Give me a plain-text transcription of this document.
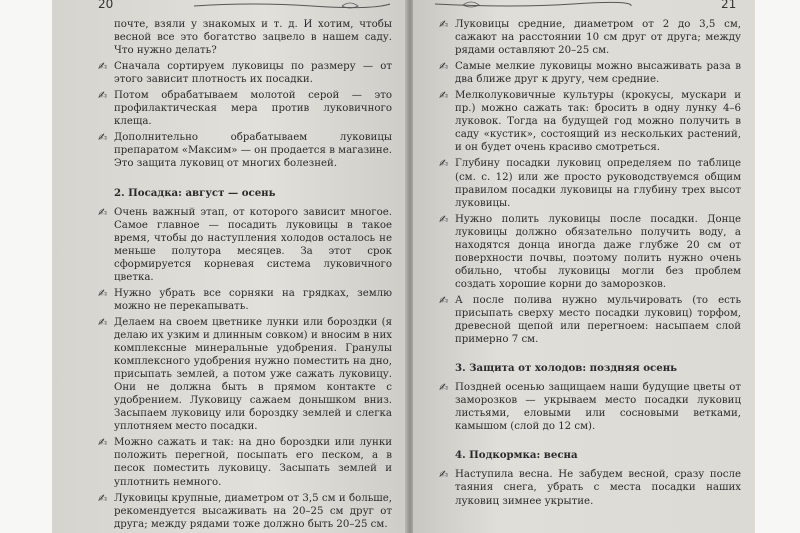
20
почте, взяли у знакомых и т. д. И хотим, чтобы весной все это богатство зацвело в нашем саду. Что нужно делать?
✍ Сначала сортируем луковицы по размеру — от этого зависит плотность их посадки.
✍ Потом обрабатываем молотой серой — это профилактическая мера против луковичного клеща.
✍ Дополнительно обрабатываем луковицы препаратом «Максим» — он продается в магазине. Это защита луковиц от многих болезней.
2. Посадка: август — осень
✍ Очень важный этап, от которого зависит многое. Самое главное — посадить луковицы в такое время, чтобы до наступления холодов осталось не меньше полутора месяцев. За этот срок сформируется корневая система луковичного цветка.
✍ Нужно убрать все сорняки на грядках, землю можно не перекапывать.
✍ Делаем на своем цветнике лунки или бороздки (я делаю их узким и длинным совком) и вносим в них комплексные минеральные удобрения. Гранулы комплексного удобрения нужно поместить на дно, присыпать землей, а потом уже сажать луковицу. Они не должна быть в прямом контакте с удобрением. Луковицу сажаем донышком вниз. Засыпаем луковицу или бороздку землей и слегка уплотняем место посадки.
✍ Можно сажать и так: на дно бороздки или лунки положить перегной, посыпать его песком, а в песок поместить луковицу. Засыпать землей и уплотнить немного.
✍ Луковицы крупные, диаметром от 3,5 см и больше, рекомендуется высаживать на 20–25 см друг от друга; между рядами тоже должно быть 20–25 см.
21
✍ Луковицы средние, диаметром от 2 до 3,5 см, сажают на расстоянии 10 см друг от друга; между рядами оставляют 20–25 см.
✍ Самые мелкие луковицы можно высаживать раза в два ближе друг к другу, чем средние.
✍ Мелколуковичные культуры (крокусы, мускари и пр.) можно сажать так: бросить в одну лунку 4–6 луковок. Тогда на будущей год можно получить в саду «кустик», состоящий из нескольких растений, и он будет очень красиво смотреться.
✍ Глубину посадки луковиц определяем по таблице (см. с. 12) или же просто руководствуемся общим правилом посадки луковицы на глубину трех высот луковицы.
✍ Нужно полить луковицы после посадки. Донце луковицы должно обязательно получить воду, а находятся донца иногда даже глубже 20 см от поверхности почвы, поэтому полить нужно очень обильно, чтобы луковицы могли без проблем создать хорошие корни до заморозков.
✍ А после полива нужно мульчировать (то есть присыпать сверху место посадки луковиц) торфом, древесной щепой или перегноем: насыпаем слой примерно 7 см.
3. Защита от холодов: поздняя осень
✍ Поздней осенью защищаем наши будущие цветы от заморозков — укрываем место посадки луковиц листьями, еловыми или сосновыми ветками, камышом (слой до 12 см).
4. Подкормка: весна
✍ Наступила весна. Не забудем весной, сразу после таяния снега, убрать с места посадки наших луковиц зимнее укрытие.
